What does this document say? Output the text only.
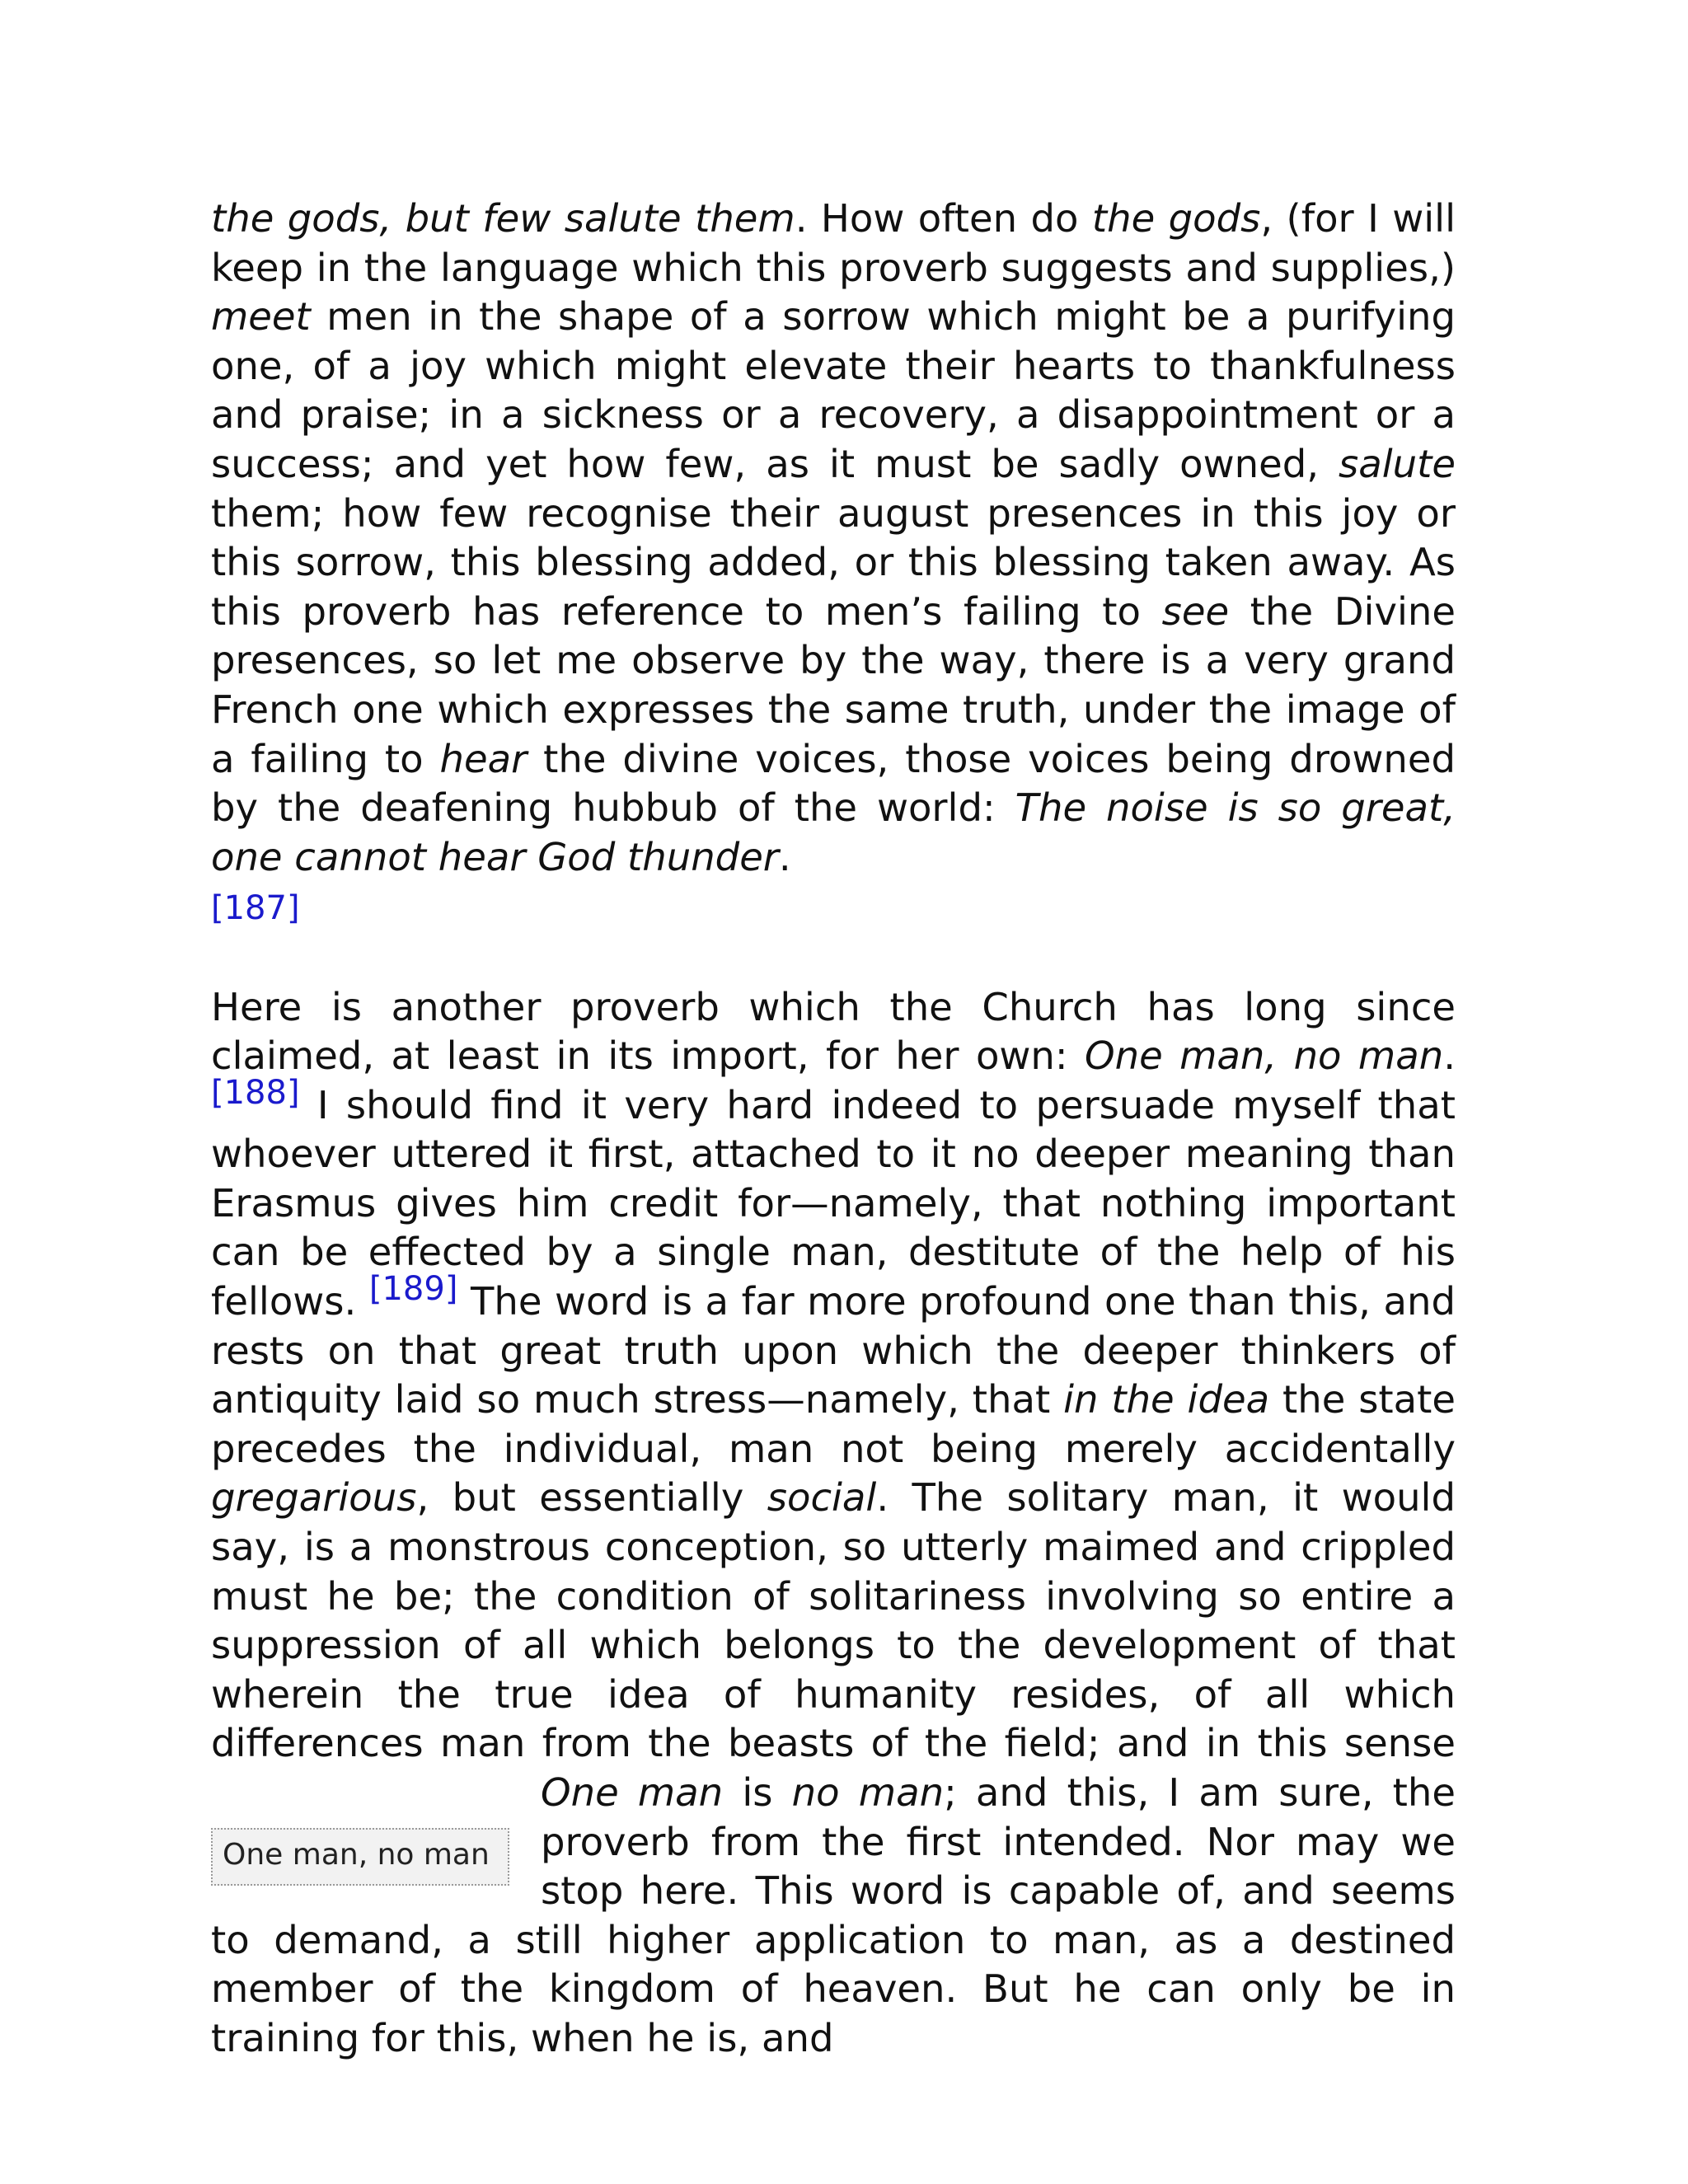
the gods, but few salute them. How often do the gods, (for I will keep in the language which this proverb suggests and supplies,) meet men in the shape of a sorrow which might be a purifying one, of a joy which might elevate their hearts to thankfulness and praise; in a sickness or a recovery, a disappointment or a success; and yet how few, as it must be sadly owned, salute them; how few recognise their august presences in this joy or this sorrow, this blessing added, or this blessing taken away. As this proverb has reference to men’s failing to see the Divine presences, so let me observe by the way, there is a very grand French one which expresses the same truth, under the image of a failing to hear the divine voices, those voices being drowned by the deafening hubbub of the world: The noise is so great, one cannot hear God thunder.
[187]

Here is another proverb which the Church has long since claimed, at least in its import, for her own: One man, no man. [188] I should find it very hard indeed to persuade myself that whoever uttered it first, attached to it no deeper meaning than Erasmus gives him credit for—namely, that nothing important can be effected by a single man, destitute of the help of his fellows. [189] The word is a far more profound one than this, and rests on that great truth upon which the deeper thinkers of antiquity laid so much stress—namely, that in the idea the state precedes the individual, man not being merely accidentally gregarious, but essentially social. The solitary man, it would say, is a monstrous conception, so utterly maimed and crippled must he be; the condition of solitariness involving so entire a suppression of all which belongs to the development of that wherein the true idea of humanity resides, of all which differences man from the beasts of the field; and in this sense
One man, no man
One man is no man; and this, I am sure, the proverb from the first intended. Nor may we stop here. This word is capable of, and seems to demand, a still higher application to man, as a destined member of the kingdom of heaven. But he can only be in training for this, when he is, and
